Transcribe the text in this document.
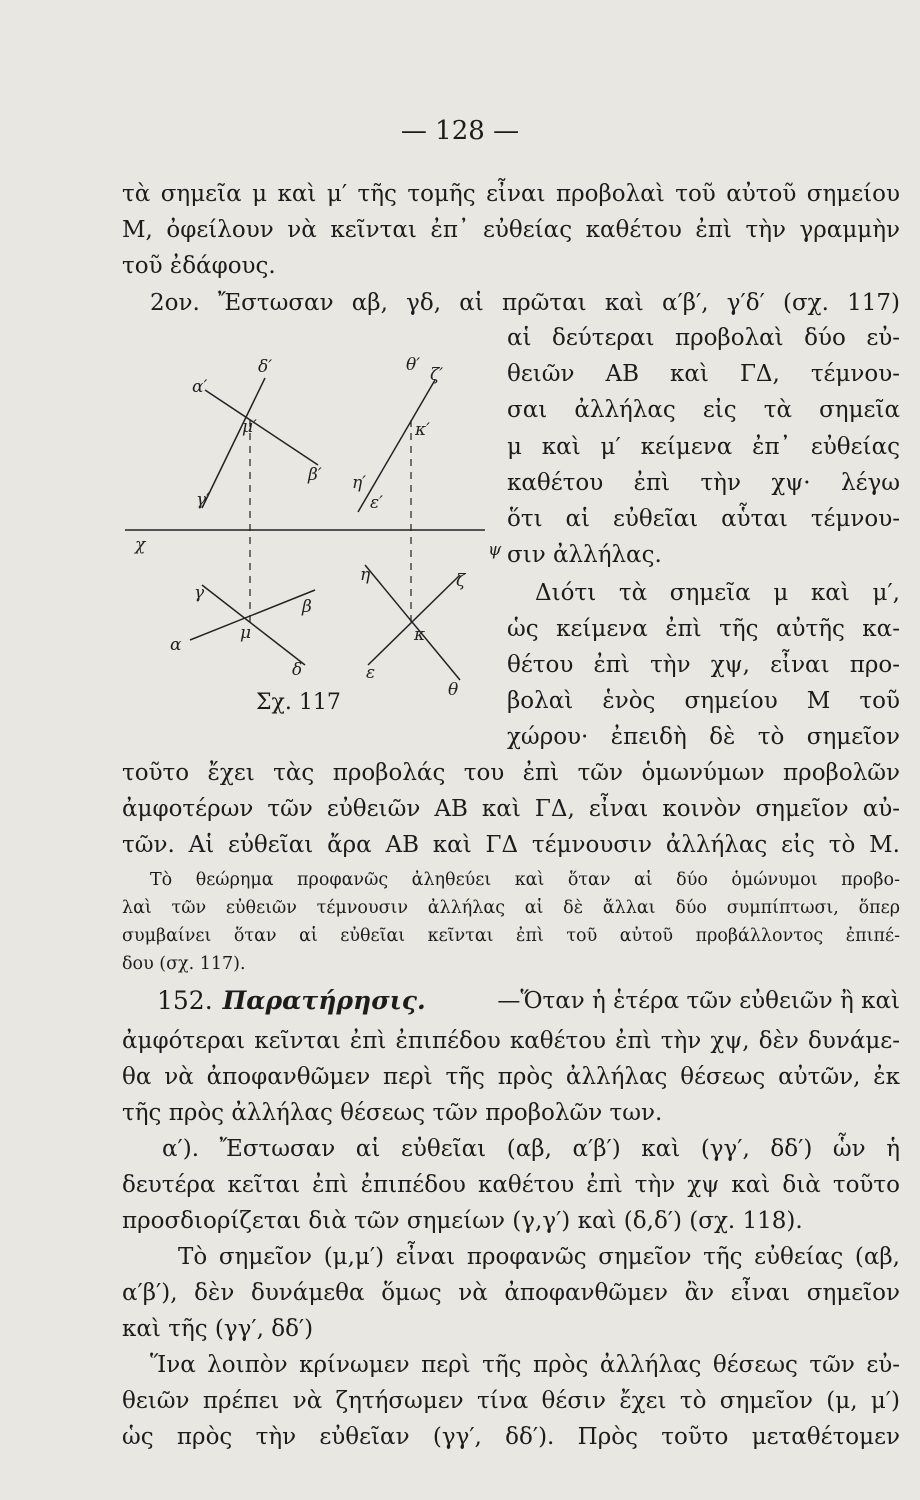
— 128 —
τὰ σημεῖα μ καὶ μ′ τῆς τομῆς εἶναι προβολαὶ τοῦ αὐτοῦ σημείου
Μ, ὀφείλουν νὰ κεῖνται ἐπ᾽ εὐθείας καθέτου ἐπὶ τὴν γραμμὴν
τοῦ ἐδάφους.
2ον. Ἔστωσαν αβ, γδ, αἱ πρῶται καὶ α′β′, γ′δ′ (σχ. 117)
αἱ δεύτεραι προβολαὶ δύο εὐ-
θειῶν ΑΒ καὶ ΓΔ, τέμνου-
σαι ἀλλήλας εἰς τὰ σημεῖα
μ καὶ μ′ κείμενα ἐπ᾽ εὐθείας
καθέτου ἐπὶ τὴν χψ· λέγω
ὅτι αἱ εὐθεῖαι αὗται τέμνου-
σιν ἀλλήλας.
Διότι τὰ σημεῖα μ καὶ μ′,
ὡς κείμενα ἐπὶ τῆς αὐτῆς κα-
θέτου ἐπὶ τὴν χψ, εἶναι προ-
βολαὶ ἑνὸς σημείου Μ τοῦ
χώρου· ἐπειδὴ δὲ τὸ σημεῖον
δ′
α′
μ′
β′
γ′
χ	ψ
θ′ ζ′
κ′
η′
ε′
γ
β
μ
α
δ
η	ζ
κ
ε
θ
Σχ. 117
τοῦτο ἔχει τὰς προβολάς του ἐπὶ τῶν ὁμωνύμων προβολῶν
ἀμφοτέρων τῶν εὐθειῶν ΑΒ καὶ ΓΔ, εἶναι κοινὸν σημεῖον αὐ-
τῶν. Αἱ εὐθεῖαι ἄρα ΑΒ καὶ ΓΔ τέμνουσιν ἀλλήλας εἰς τὸ Μ.
Τὸ θεώρημα προφανῶς ἀληθεύει καὶ ὅταν αἱ δύο ὁμώνυμοι προβο-
λαὶ τῶν εὐθειῶν τέμνουσιν ἀλλήλας αἱ δὲ ἄλλαι δύο συμπίπτωσι, ὅπερ
συμβαίνει ὅταν αἱ εὐθεῖαι κεῖνται ἐπὶ τοῦ αὐτοῦ προβάλλοντος ἐπιπέ-
δου (σχ. 117).
152. Παρατήρησις.	—Ὅταν ἡ ἑτέρα τῶν εὐθειῶν ἢ καὶ
ἀμφότεραι κεῖνται ἐπὶ ἐπιπέδου καθέτου ἐπὶ τὴν χψ, δὲν δυνάμε-
θα νὰ ἀποφανθῶμεν περὶ τῆς πρὸς ἀλλήλας θέσεως αὐτῶν, ἐκ
τῆς πρὸς ἀλλήλας θέσεως τῶν προβολῶν των.
α′). Ἔστωσαν αἱ εὐθεῖαι (αβ, α′β′) καὶ (γγ′, δδ′) ὧν ἡ
δευτέρα κεῖται ἐπὶ ἐπιπέδου καθέτου ἐπὶ τὴν χψ καὶ διὰ τοῦτο
προσδιορίζεται διὰ τῶν σημείων (γ,γ′) καὶ (δ,δ′) (σχ. 118).
Τὸ σημεῖον (μ,μ′) εἶναι προφανῶς σημεῖον τῆς εὐθείας (αβ,
α′β′), δὲν δυνάμεθα ὅμως νὰ ἀποφανθῶμεν ἂν εἶναι σημεῖον
καὶ τῆς (γγ′, δδ′)
Ἵνα λοιπὸν κρίνωμεν περὶ τῆς πρὸς ἀλλήλας θέσεως τῶν εὐ-
θειῶν πρέπει νὰ ζητήσωμεν τίνα θέσιν ἔχει τὸ σημεῖον (μ, μ′)
ὡς πρὸς τὴν εὐθεῖαν (γγ′, δδ′). Πρὸς τοῦτο μεταθέτομεν
